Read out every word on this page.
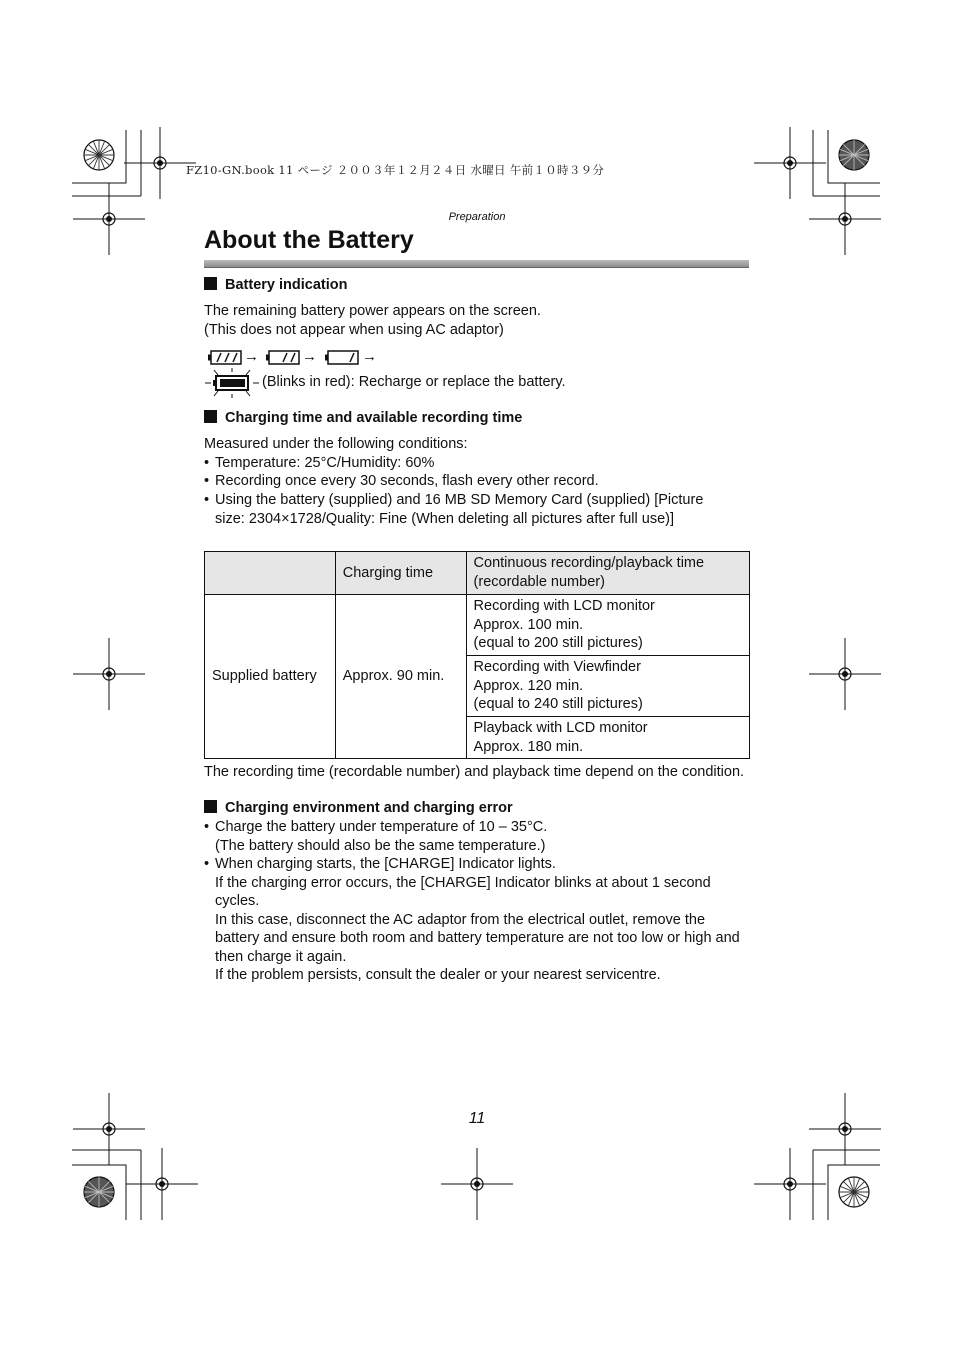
FZ10-GN.book 11 ページ ２００３年１２月２４日 水曜日 午前１０時３９分
Preparation
About the Battery
Battery indication
The remaining battery power appears on the screen.
(This does not appear when using AC adaptor)
→	→	→
(Blinks in red): Recharge or replace the battery.
Charging time and available recording time
Measured under the following conditions:
• Temperature: 25°C/Humidity: 60%
• Recording once every 30 seconds, flash every other record.
• Using the battery (supplied) and 16 MB SD Memory Card (supplied) [Picture
size: 2304×1728/Quality: Fine (When deleting all pictures after full use)]
	Charging time	Continuous recording/playback time
(recordable number)

Supplied battery	Approx. 90 min.	Recording with LCD monitor
Approx. 100 min.
(equal to 200 still pictures)

		Recording with Viewfinder
Approx. 120 min.
(equal to 240 still pictures)

		Playback with LCD monitor
Approx. 180 min.
The recording time (recordable number) and playback time depend on the condition.
Charging environment and charging error
• Charge the battery under temperature of 10 – 35°C.
(The battery should also be the same temperature.)
• When charging starts, the [CHARGE] Indicator lights.
If the charging error occurs, the [CHARGE] Indicator blinks at about 1 second
cycles.
In this case, disconnect the AC adaptor from the electrical outlet, remove the
battery and ensure both room and battery temperature are not too low or high and
then charge it again.
If the problem persists, consult the dealer or your nearest servicentre.
11
